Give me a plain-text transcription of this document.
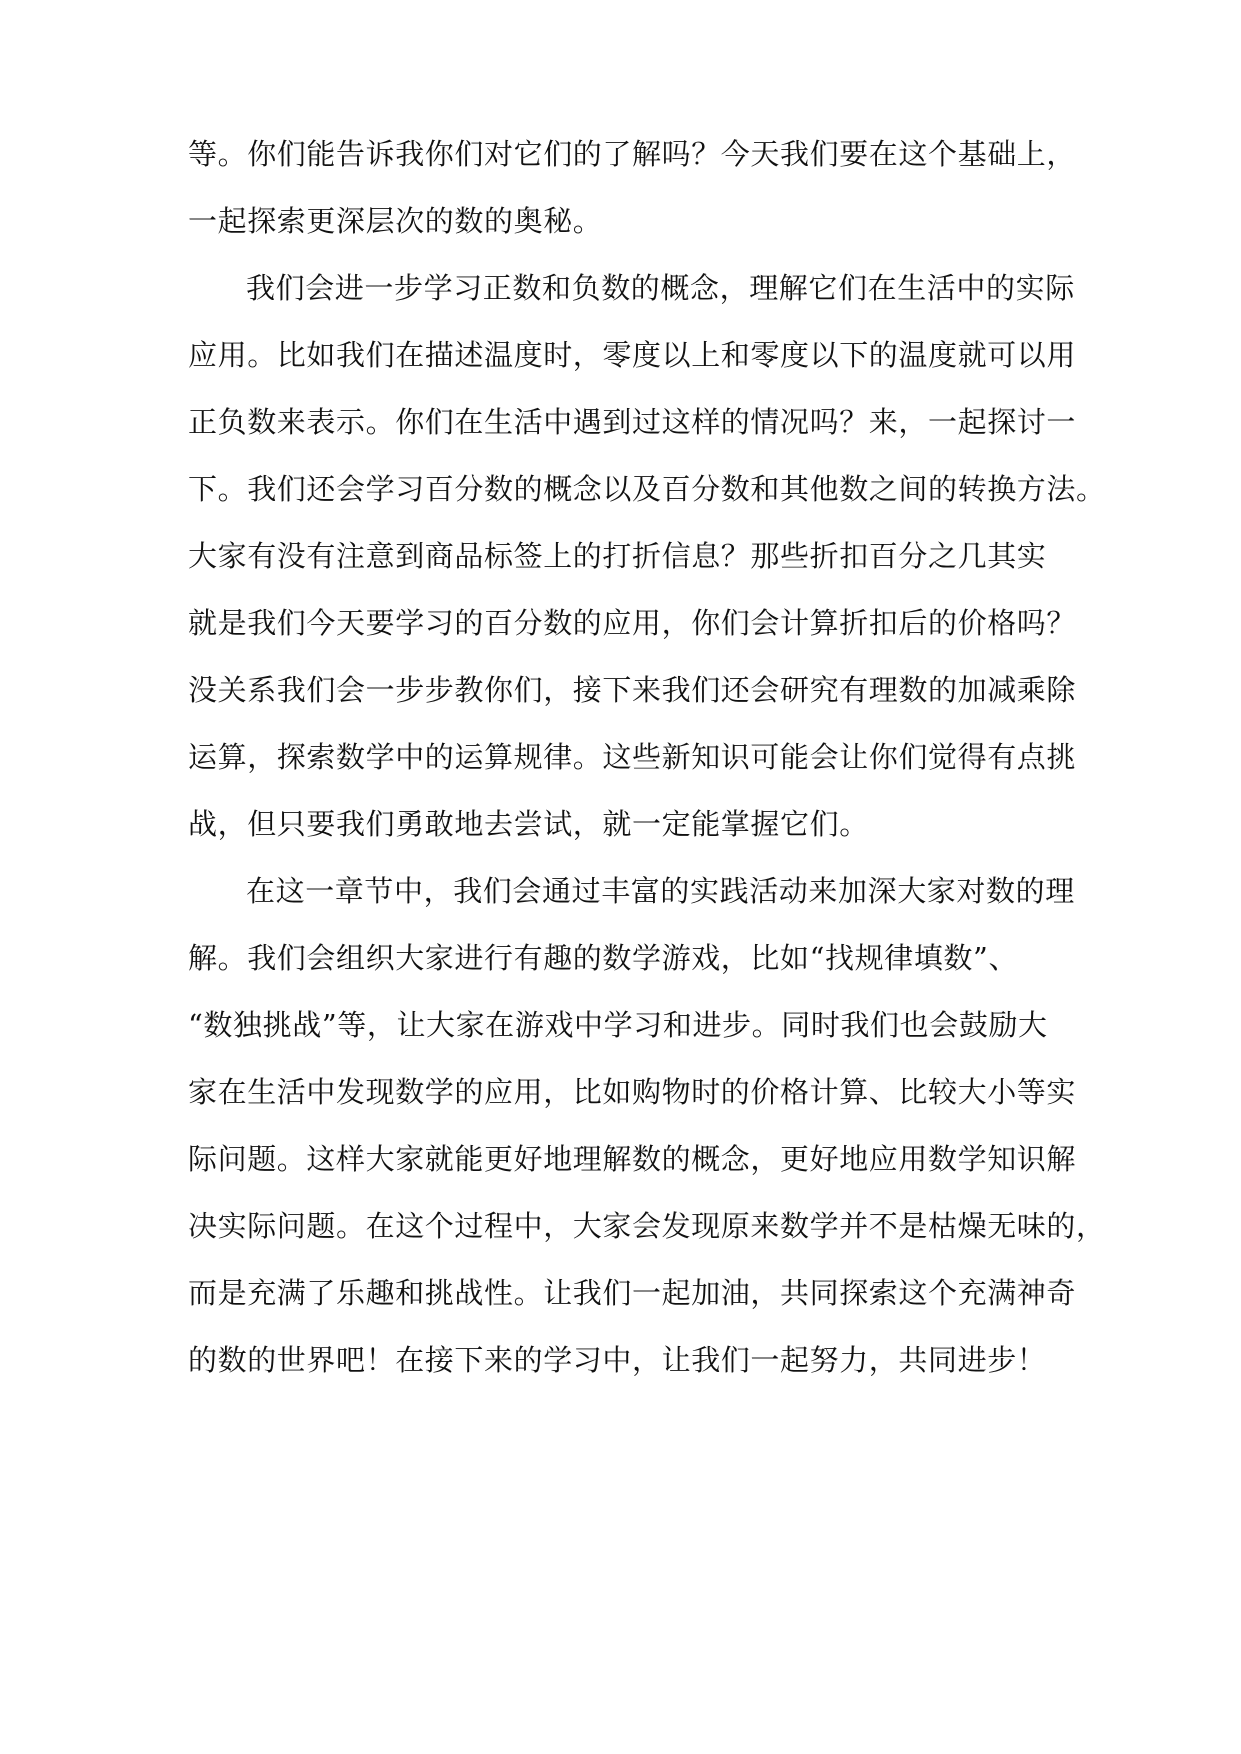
等。你们能告诉我你们对它们的了解吗？今天我们要在这个基础上，
一起探索更深层次的数的奥秘。
我们会进一步学习正数和负数的概念，理解它们在生活中的实际
应用。比如我们在描述温度时，零度以上和零度以下的温度就可以用
正负数来表示。你们在生活中遇到过这样的情况吗？来，一起探讨一
下。我们还会学习百分数的概念以及百分数和其他数之间的转换方法。
大家有没有注意到商品标签上的打折信息？那些折扣百分之几其实
就是我们今天要学习的百分数的应用，你们会计算折扣后的价格吗？
没关系我们会一步步教你们，接下来我们还会研究有理数的加减乘除
运算，探索数学中的运算规律。这些新知识可能会让你们觉得有点挑
战，但只要我们勇敢地去尝试，就一定能掌握它们。
在这一章节中，我们会通过丰富的实践活动来加深大家对数的理
解。我们会组织大家进行有趣的数学游戏，比如“找规律填数”、
“数独挑战”等，让大家在游戏中学习和进步。同时我们也会鼓励大
家在生活中发现数学的应用，比如购物时的价格计算、比较大小等实
际问题。这样大家就能更好地理解数的概念，更好地应用数学知识解
决实际问题。在这个过程中，大家会发现原来数学并不是枯燥无味的，
而是充满了乐趣和挑战性。让我们一起加油，共同探索这个充满神奇
的数的世界吧！在接下来的学习中，让我们一起努力，共同进步！
